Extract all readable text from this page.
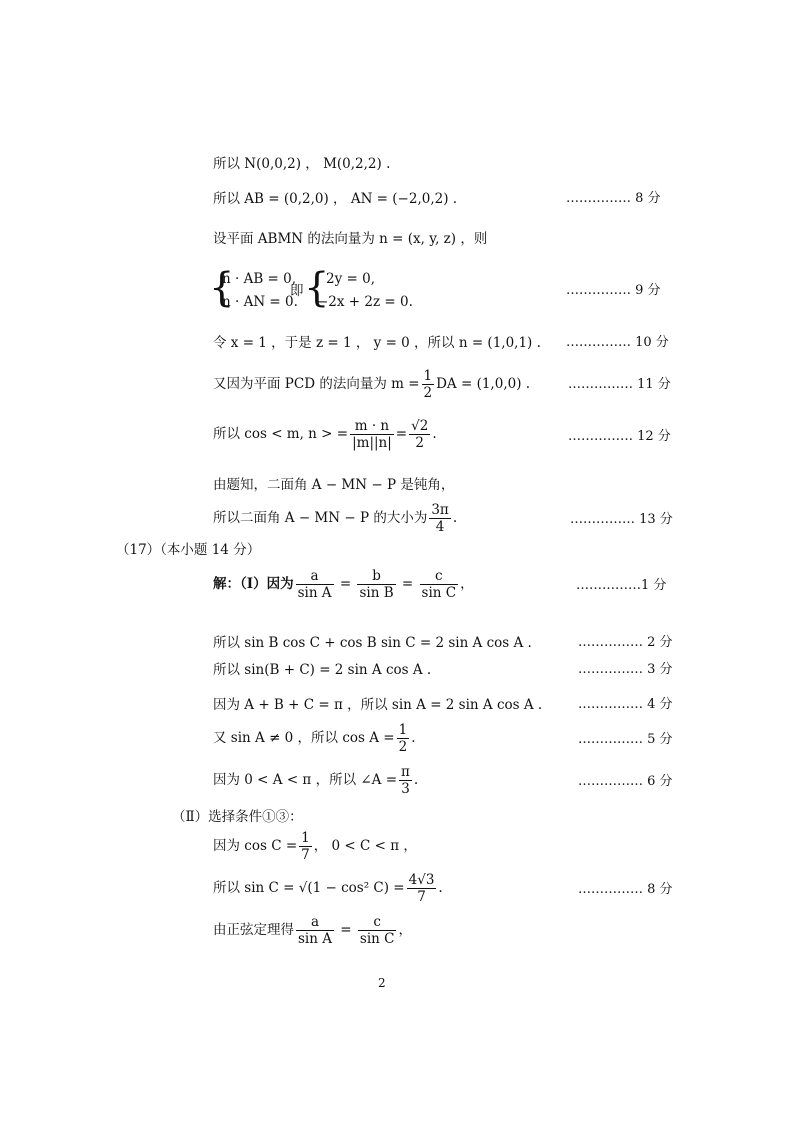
所以 N(0,0,2) ， M(0,2,2) .
所以 AB = (0,2,0) ， AN = (−2,0,2) .	…………… 8 分
设平面 ABMN 的法向量为 n = (x, y, z) ，则
{
n · AB = 0,
n · AN = 0.
即 {
2y = 0,
−2x + 2z = 0.
…………… 9 分
令 x = 1 ，于是 z = 1 ， y = 0 ，所以 n = (1,0,1) . …………… 10 分
又因为平面 PCD 的法向量为 $m = \frac{1}{2}$ DA = (1,0,0) .	…………… 11 分
所以 cos < m, n > = $\frac{m \cdot n}{|m||n|} = \frac{√2}{2}$ .	…………… 12 分
由题知，二面角 A − MN − P 是钝角，
所以二面角 A − MN − P 的大小为 $\frac{3\pi}{4}$ .	…………… 13 分
（17）（本小题 14 分）
解：（Ⅰ）因为 $\frac{a}{\text{sin A}} = \frac{b}{\text{sin B}} = \frac{c}{\text{sin C}}$ ，	……………1 分
所以 sin B cos C + cos B sin C = 2 sin A cos A .	…………… 2 分
所以 sin(B + C) = 2 sin A cos A .	…………… 3 分
因为 A + B + C = π ，所以 sin A = 2 sin A cos A .	…………… 4 分
又 sin A ≠ 0 ，所以 $\cos A = \frac{1}{2}$ .	…………… 5 分
因为 0 < A < π ，所以 ∠A = $\frac{\pi}{3}$ .	…………… 6 分
（Ⅱ）选择条件①③：
因为 $\cos C = \frac{1}{7}$ ， 0 < C < π ，
所以 sin C = √(1 − cos² $C) = \frac{4√3}{7}$ .	…………… 8 分
由正弦定理得 $\frac{a}{\text{sin A}} = \frac{c}{\text{sin C}}$ ，
2
